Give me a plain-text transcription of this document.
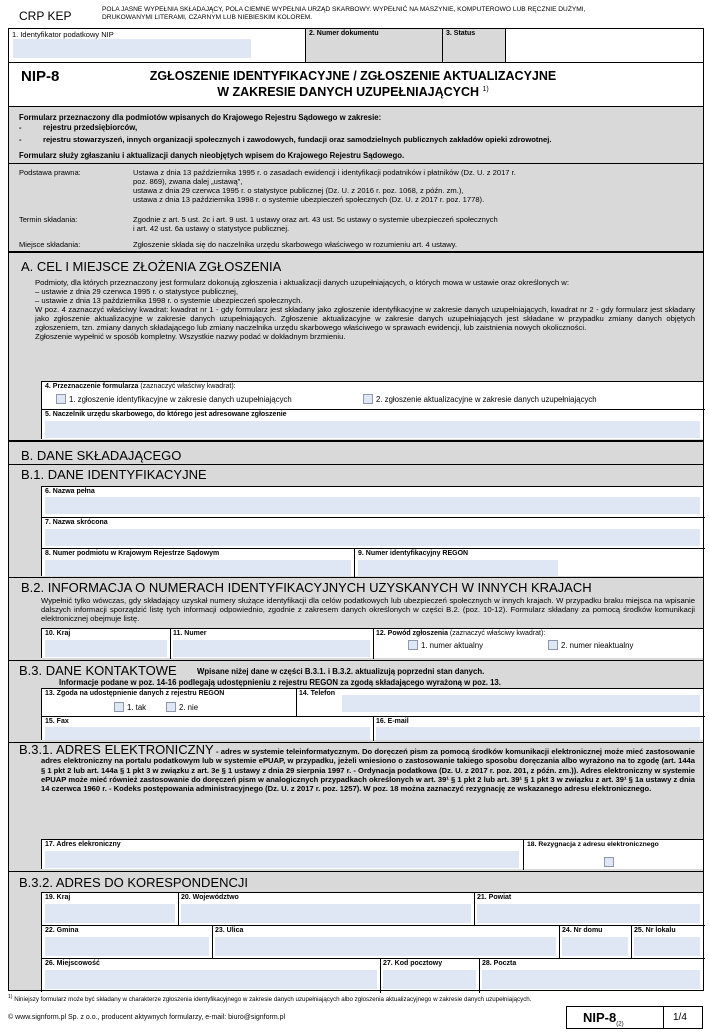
CRP KEP	POLA JASNE WYPEŁNIA SKŁADAJĄCY, POLA CIEMNE WYPEŁNIA URZĄD SKARBOWY. WYPEŁNIĆ NA MASZYNIE, KOMPUTEROWO LUB RĘCZNIE DUŻYMI,
DRUKOWANYMI LITERAMI, CZARNYM LUB NIEBIESKIM KOLOREM.
1. Identyfikator podatkowy NIP	2. Numer dokumentu	3. Status
NIP-8	ZGŁOSZENIE IDENTYFIKACYJNE / ZGŁOSZENIE AKTUALIZACYJNE
W ZAKRESIE DANYCH UZUPEŁNIAJĄCYCH $^{1)}$
Formularz przeznaczony dla podmiotów wpisanych do Krajowego Rejestru Sądowego w zakresie:
-	rejestru przedsiębiorców,
-	rejestru stowarzyszeń, innych organizacji społecznych i zawodowych, fundacji oraz samodzielnych publicznych zakładów opieki zdrowotnej.
Formularz służy zgłaszaniu i aktualizacji danych nieobjętych wpisem do Krajowego Rejestru Sądowego.
Podstawa prawna:	Ustawa z dnia 13 października 1995 r. o zasadach ewidencji i identyfikacji podatników i płatników (Dz. U. z 2017 r.
poz. 869), zwana dalej „ustawą”,
ustawa z dnia 29 czerwca 1995 r. o statystyce publicznej (Dz. U. z 2016 r. poz. 1068, z późn. zm.),
ustawa z dnia 13 października 1998 r. o systemie ubezpieczeń społecznych (Dz. U. z 2017 r. poz. 1778).
Termin składania:	Zgodnie z art. 5 ust. 2c i art. 9 ust. 1 ustawy oraz art. 43 ust. 5c ustawy o systemie ubezpieczeń społecznych
i art. 42 ust. 6a ustawy o statystyce publicznej.
Miejsce składania:	Zgłoszenie składa się do naczelnika urzędu skarbowego właściwego w rozumieniu art. 4 ustawy.
A. CEL I MIEJSCE ZŁOŻENIA ZGŁOSZENIA
Podmioty, dla których przeznaczony jest formularz dokonują zgłoszenia i aktualizacji danych uzupełniających, o których mowa w ustawie oraz określonych w:
– ustawie z dnia 29 czerwca 1995 r. o statystyce publicznej,
– ustawie z dnia 13 października 1998 r. o systemie ubezpieczeń społecznych.
W poz. 4 zaznaczyć właściwy kwadrat: kwadrat nr 1 - gdy formularz jest składany jako zgłoszenie identyfikacyjne w zakresie danych uzupełniających, kwadrat nr 2 - gdy formularz jest składany jako zgłoszenie aktualizacyjne w zakresie danych uzupełniających. Zgłoszenie aktualizacyjne w zakresie danych uzupełniających jest składane w przypadku zmiany danych objętych zgłoszeniem, tzn. zmiany danych składającego lub zmiany naczelnika urzędu skarbowego właściwego w sprawach ewidencji, lub zaistnienia nowych okoliczności.
Zgłoszenie wypełnić w sposób kompletny. Wszystkie nazwy podać w dokładnym brzmieniu.
4. Przeznaczenie formularza (zaznaczyć właściwy kwadrat):
1. zgłoszenie identyfikacyjne w zakresie danych uzupełniających	2. zgłoszenie aktualizacyjne w zakresie danych uzupełniających
5. Naczelnik urzędu skarbowego, do którego jest adresowane zgłoszenie
B. DANE SKŁADAJĄCEGO
B.1. DANE IDENTYFIKACYJNE
6. Nazwa pełna
7. Nazwa skrócona
8. Numer podmiotu w Krajowym Rejestrze Sądowym	9. Numer identyfikacyjny REGON
B.2. INFORMACJA O NUMERACH IDENTYFIKACYJNYCH UZYSKANYCH W INNYCH KRAJACH
Wypełnić tylko wówczas, gdy składający uzyskał numery służące identyfikacji dla celów podatkowych lub ubezpieczeń społecznych w innych krajach. W przypadku braku miejsca na wpisanie dalszych informacji sporządzić listę tych informacji odpowiednio, zgodnie z zakresem danych określonych w części B.2. (poz. 10-12). Formularz składany za pomocą środków komunikacji elektronicznej obejmuje listę.
10. Kraj	11. Numer	12. Powód zgłoszenia (zaznaczyć właściwy kwadrat):
1. numer aktualny	2. numer nieaktualny
B.3. DANE KONTAKTOWE	Wpisane niżej dane w części B.3.1. i B.3.2. aktualizują poprzedni stan danych.
Informacje podane w poz. 14-16 podlegają udostępnieniu z rejestru REGON za zgodą składającego wyrażoną w poz. 13.
13. Zgoda na udostępnienie danych z rejestru REGON
1. tak	2. nie
14. Telefon
15. Fax	16. E-mail
B.3.1. ADRES ELEKTRONICZNY - adres w systemie teleinformatycznym. Do doręczeń pism za pomocą środków komunikacji elektronicznej może mieć zastosowanie adres elektroniczny na portalu podatkowym lub w systemie ePUAP, w przypadku, jeżeli wniesiono o zastosowanie takiego sposobu doręczania albo wyrażono na to zgodę (art. 144a § 1 pkt 2 lub art. 144a § 1 pkt 3 w związku z art. 3e § 1 ustawy z dnia 29 sierpnia 1997 r. - Ordynacja podatkowa (Dz. U. z 2017 r. poz. 201, z późn. zm.)). Adres elektroniczny w systemie ePUAP może mieć również zastosowanie do doręczeń pism w analogicznych przypadkach określonych w art. 39¹ § 1 pkt 2 lub art. 39¹ § 1 pkt 3 w związku z art. 39¹ § 1a ustawy z dnia 14 czerwca 1960 r. - Kodeks postępowania administracyjnego (Dz. U. z 2017 r. poz. 1257). W poz. 18 można zaznaczyć rezygnację ze wskazanego adresu elektronicznego.
17. Adres elekroniczny	18. Rezygnacja z adresu elektronicznego
B.3.2. ADRES DO KORESPONDENCJI
19. Kraj	20. Województwo	21. Powiat
22. Gmina	23. Ulica	24. Nr domu	25. Nr lokalu
26. Miejscowość	27. Kod pocztowy	28. Poczta
$^{1)}$ Niniejszy formularz może być składany w charakterze zgłoszenia identyfikacyjnego w zakresie danych uzupełniających albo zgłoszenia aktualizacyjnego w zakresie danych uzupełniających.
© www.signform.pl Sp. z o.o., producent aktywnych formularzy, e-mail: biuro@signform.pl	NIP-$8_{(2)}$
1/4
